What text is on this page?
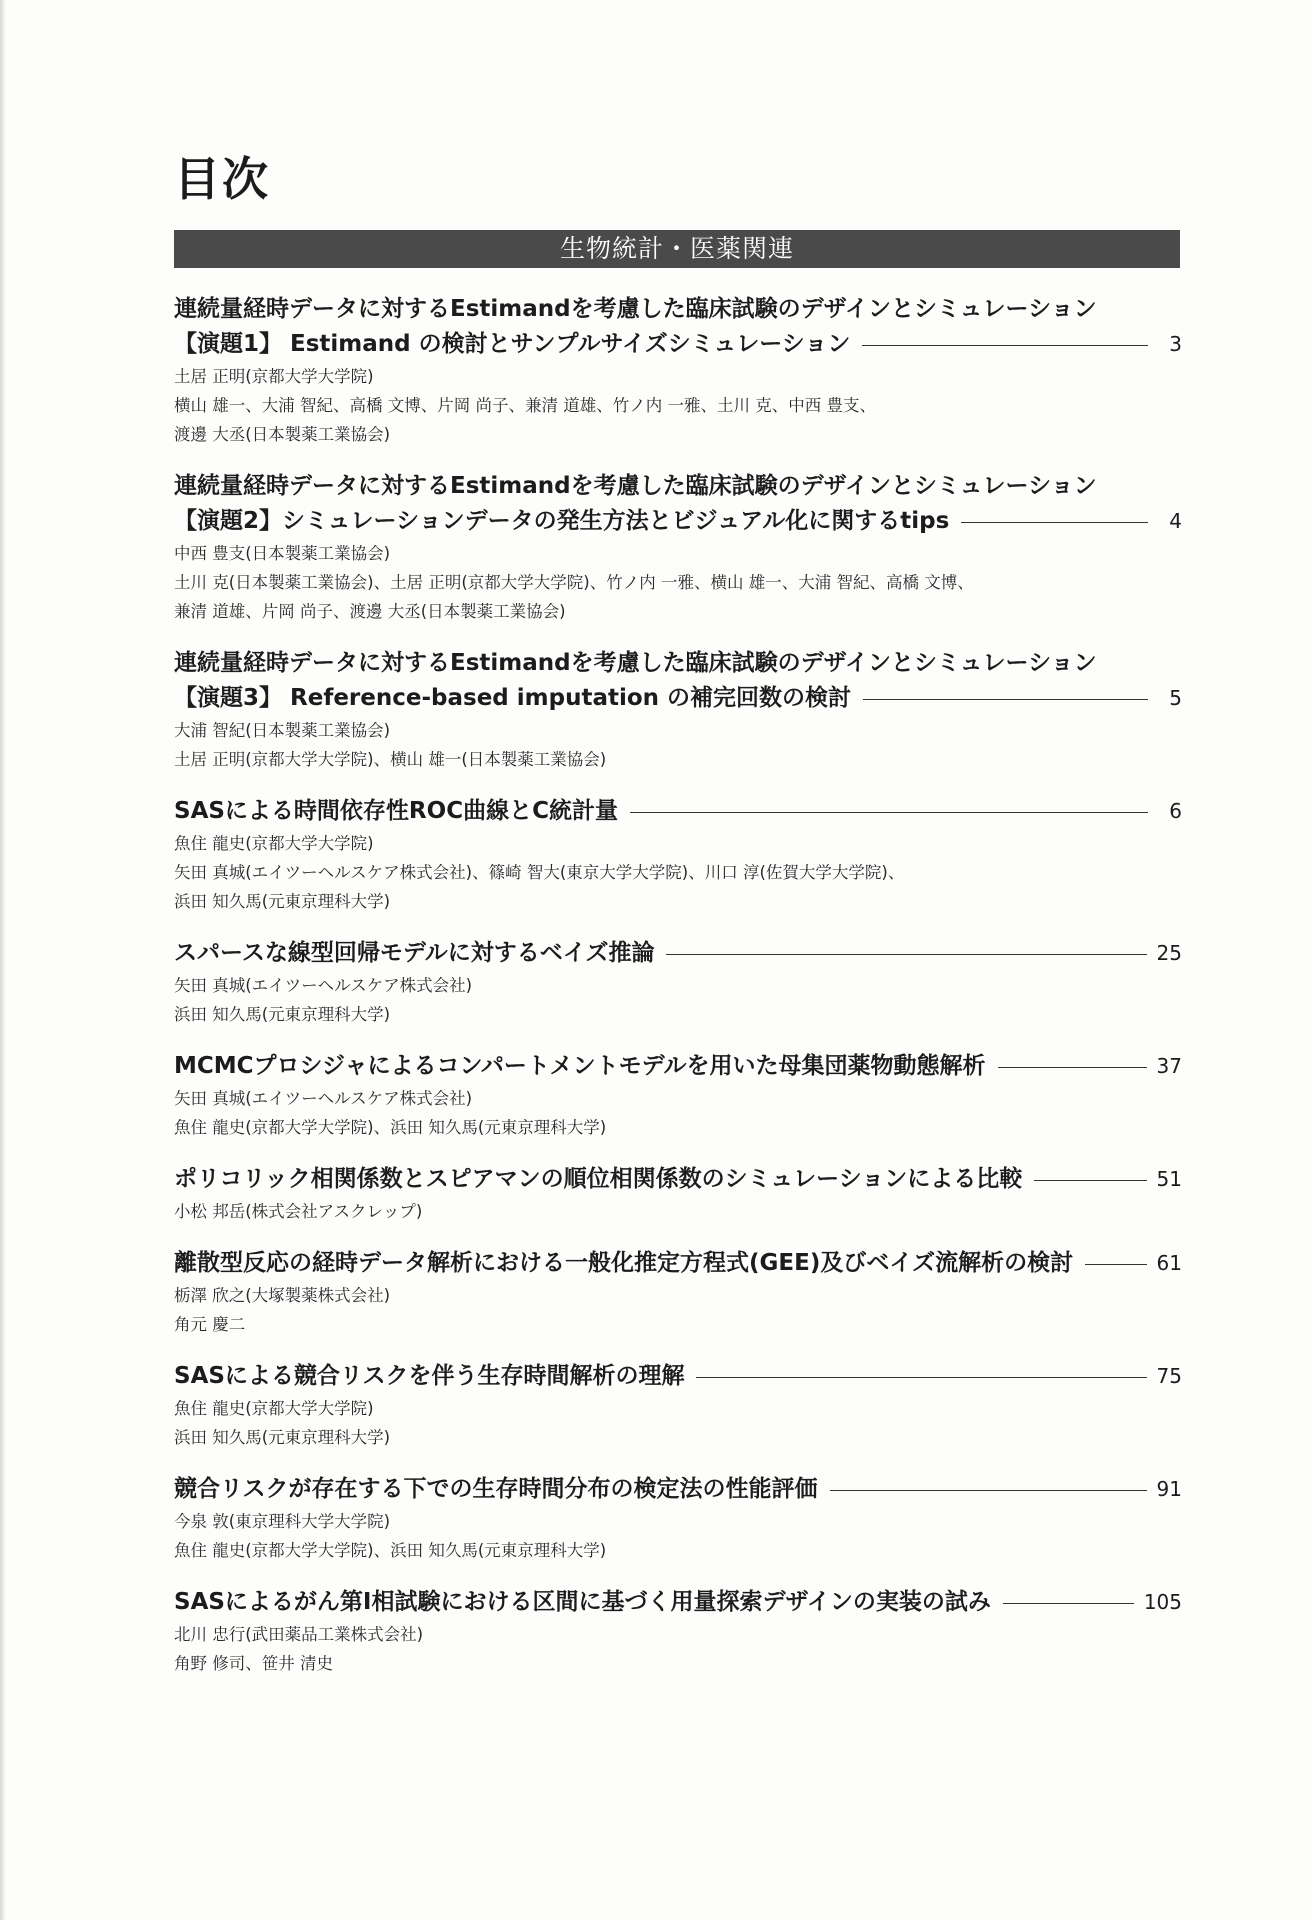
目次
生物統計・医薬関連
連続量経時データに対するEstimandを考慮した臨床試験のデザインとシミュレーション
【演題1】 Estimand の検討とサンプルサイズシミュレーション	3
土居 正明(京都大学大学院)
横山 雄一、大浦 智紀、高橋 文博、片岡 尚子、兼清 道雄、竹ノ内 一雅、土川 克、中西 豊支、
渡邊 大丞(日本製薬工業協会)
連続量経時データに対するEstimandを考慮した臨床試験のデザインとシミュレーション
【演題2】シミュレーションデータの発生方法とビジュアル化に関するtips	4
中西 豊支(日本製薬工業協会)
土川 克(日本製薬工業協会)、土居 正明(京都大学大学院)、竹ノ内 一雅、横山 雄一、大浦 智紀、高橋 文博、
兼清 道雄、片岡 尚子、渡邊 大丞(日本製薬工業協会)
連続量経時データに対するEstimandを考慮した臨床試験のデザインとシミュレーション
【演題3】 Reference-based imputation の補完回数の検討	5
大浦 智紀(日本製薬工業協会)
土居 正明(京都大学大学院)、横山 雄一(日本製薬工業協会)
SASによる時間依存性ROC曲線とC統計量	6
魚住 龍史(京都大学大学院)
矢田 真城(エイツーヘルスケア株式会社)、篠崎 智大(東京大学大学院)、川口 淳(佐賀大学大学院)、
浜田 知久馬(元東京理科大学)
スパースな線型回帰モデルに対するベイズ推論	25
矢田 真城(エイツーヘルスケア株式会社)
浜田 知久馬(元東京理科大学)
MCMCプロシジャによるコンパートメントモデルを用いた母集団薬物動態解析	37
矢田 真城(エイツーヘルスケア株式会社)
魚住 龍史(京都大学大学院)、浜田 知久馬(元東京理科大学)
ポリコリック相関係数とスピアマンの順位相関係数のシミュレーションによる比較	51
小松 邦岳(株式会社アスクレップ)
離散型反応の経時データ解析における一般化推定方程式(GEE)及びベイズ流解析の検討	61
栃澤 欣之(大塚製薬株式会社)
角元 慶二
SASによる競合リスクを伴う生存時間解析の理解	75
魚住 龍史(京都大学大学院)
浜田 知久馬(元東京理科大学)
競合リスクが存在する下での生存時間分布の検定法の性能評価	91
今泉 敦(東京理科大学大学院)
魚住 龍史(京都大学大学院)、浜田 知久馬(元東京理科大学)
SASによるがん第I相試験における区間に基づく用量探索デザインの実装の試み	105
北川 忠行(武田薬品工業株式会社)
角野 修司、笹井 清史
